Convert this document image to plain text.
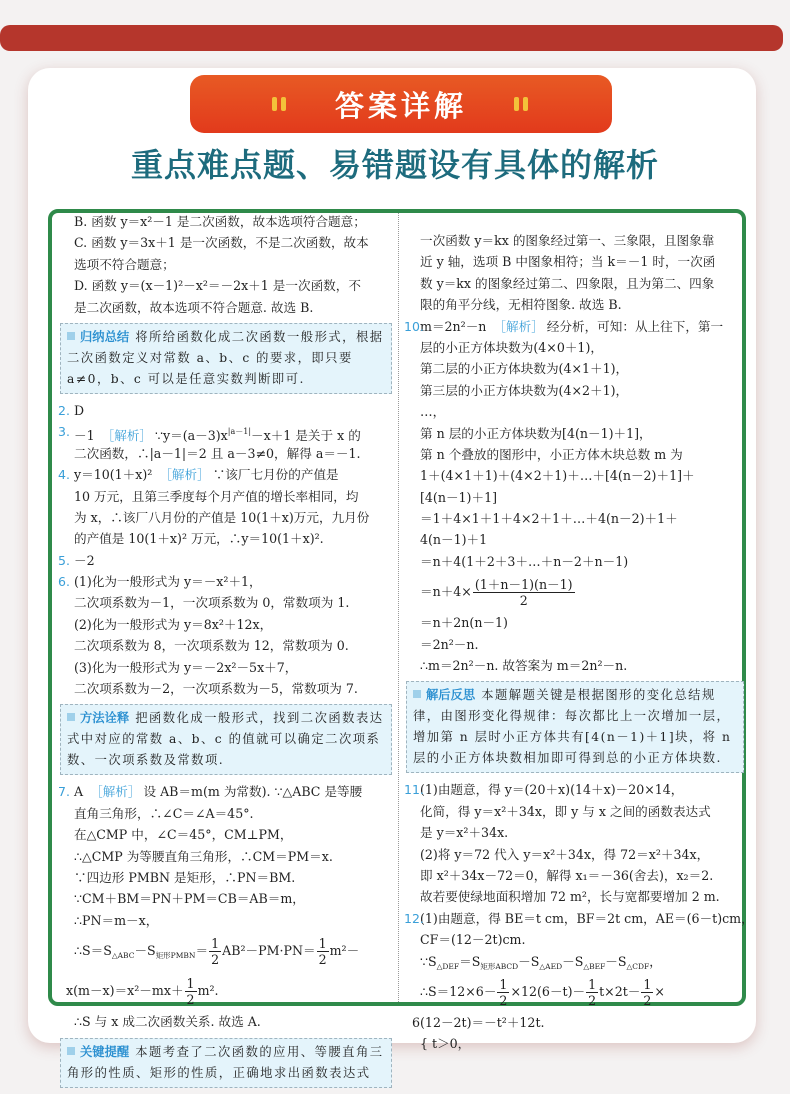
答案详解
重点难点题、易错题设有具体的解析
B. 函数 y＝x²－1 是二次函数，故本选项符合题意；
C. 函数 y＝3x＋1 是一次函数，不是二次函数，故本
选项不符合题意；
D. 函数 y＝(x－1)²－x²＝－2x＋1 是一次函数，不
是二次函数，故本选项不符合题意. 故选 B.
归纳总结 将所给函数化成二次函数一般形式，根据二次函数定义对常数 a、b、c 的要求，即只要 a≠0，b、c 可以是任意实数判断即可.
2. D
3. －1 ［解析］ $\because y=(a-3)x^{|a-1|}-x+1$ 是关于 x 的
二次函数，∴|a－1|＝2 且 a－3≠0，解得 a＝－1.
4. y＝10(1＋x)² ［解析］ ∵该厂七月份的产值是
10 万元，且第三季度每个月产值的增长率相同，均
为 x，∴该厂八月份的产值是 10(1＋x)万元，九月份
的产值是 10(1＋x)² 万元，∴y＝10(1＋x)².
5. －2
6. (1)化为一般形式为 y＝－x²＋1，
二次项系数为－1，一次项系数为 0，常数项为 1.
(2)化为一般形式为 y＝8x²＋12x，
二次项系数为 8，一次项系数为 12，常数项为 0.
(3)化为一般形式为 y＝－2x²－5x＋7，
二次项系数为－2，一次项系数为－5，常数项为 7.
方法诠释 把函数化成一般形式，找到二次函数表达式中对应的常数 a、b、c 的值就可以确定二次项系数、一次项系数及常数项.
7. A ［解析］ 设 AB＝m(m 为常数). ∵△ABC 是等腰
直角三角形，∴∠C＝∠A＝45°.
在△CMP 中，∠C＝45°，CM⊥PM，
∴△CMP 为等腰直角三角形，∴CM＝PM＝x.
∵四边形 PMBN 是矩形，∴PN＝BM.
∵CM＋BM＝PN＋PM＝CB＝AB＝m，
∴PN＝m－x，
$\therefore S=S_{\triangle ABC}-S_{矩形PMBN}= \frac{1}{2} AB^2-PM\cdot PN= \frac{1}{2} m^2-$
$x(m-x)=x^2-mx+ \frac{1}{2} m^2$.
∴S 与 x 成二次函数关系. 故选 A.
关键提醒 本题考查了二次函数的应用、等腰直角三角形的性质、矩形的性质，正确地求出函数表达式
一次函数 y＝kx 的图象经过第一、三象限，且图象靠
近 y 轴，选项 B 中图象相符；当 k＝－1 时，一次函
数 y＝kx 的图象经过第二、四象限，且为第二、四象
限的角平分线，无相符图象. 故选 B.
10.
m＝2n²－n ［解析］ 经分析，可知：从上往下，第一
层的小正方体块数为(4×0＋1)，
第二层的小正方体块数为(4×1＋1)，
第三层的小正方体块数为(4×2＋1)，
…，
第 n 层的小正方体块数为[4(n－1)＋1]，
第 n 个叠放的图形中，小正方体木块总数 m 为
1＋(4×1＋1)＋(4×2＋1)＋…＋[4(n－2)＋1]＋
[4(n－1)＋1]
＝1＋4×1＋1＋4×2＋1＋…＋4(n－2)＋1＋
4(n－1)＋1
＝n＋4(1＋2＋3＋…＋n－2＋n－1)
$=n+4\times \frac{(1+n-1)(n-1)}{2}$
＝n＋2n(n－1)
＝2n²－n.
∴m＝2n²－n. 故答案为 m＝2n²－n.
解后反思 本题解题关键是根据图形的变化总结规律，由图形变化得规律：每次都比上一次增加一层，增加第 n 层时小正方体共有[4(n－1)＋1]块，将 n 层的小正方体块数相加即可得到总的小正方体块数.
11.
(1)由题意，得 y＝(20＋x)(14＋x)－20×14，
化简，得 y＝x²＋34x，即 y 与 x 之间的函数表达式
是 y＝x²＋34x.
(2)将 y＝72 代入 y＝x²＋34x，得 72＝x²＋34x，
即 x²＋34x－72＝0，解得 x₁＝－36(舍去)，x₂＝2.
故若要使绿地面积增加 72 m²，长与宽都要增加 2 m.
12.
(1)由题意，得 BE＝t cm，BF＝2t cm，AE＝(6－t)cm，
CF＝(12－2t)cm.
$\because S_{\triangle DEF}=S_{矩形ABCD}-S_{\triangle AED}-S_{\triangle BEF}-S_{\triangle CDF}$，
∴S＝12×6－ $\frac{1}{2} \times 12(6-t)- \frac{1}{2} t\times 2t- \frac{1}{2}$ ×
6(12－2t)＝－t²＋12t.
{ t＞0，
